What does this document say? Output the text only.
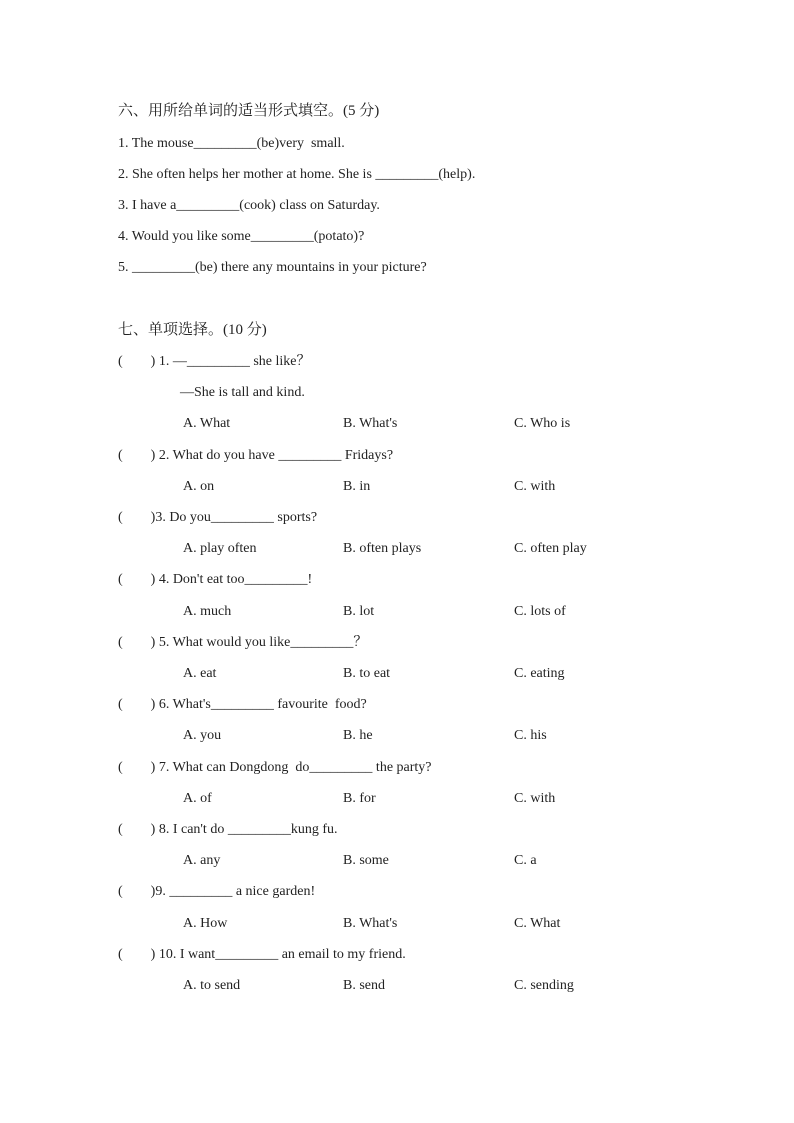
六、用所给单词的适当形式填空。(5 分)
1. The mouse_________(be)very  small.
2. She often helps her mother at home. She is _________(help).
3. I have a_________(cook) class on Saturday.
4. Would you like some_________(potato)?
5. _________(be) there any mountains in your picture?
七、单项选择。(10 分)
(        ) 1. —_________ she like？
—She is tall and kind.
A. What	B. What's	C. Who is
(        ) 2. What do you have _________ Fridays?
A. on	B. in	C. with
(        )3. Do you_________ sports?
A. play often	B. often plays	C. often play
(        ) 4. Don't eat too_________!
A. much	B. lot	C. lots of
(        ) 5. What would you like_________？
A. eat	B. to eat	C. eating
(        ) 6. What's_________ favourite  food?
A. you	B. he	C. his
(        ) 7. What can Dongdong  do_________ the party?
A. of	B. for	C. with
(        ) 8. I can't do _________kung fu.
A. any	B. some	C. a
(        )9. _________ a nice garden!
A. How	B. What's	C. What
(        ) 10. I want_________ an email to my friend.
A. to send	B. send	C. sending
